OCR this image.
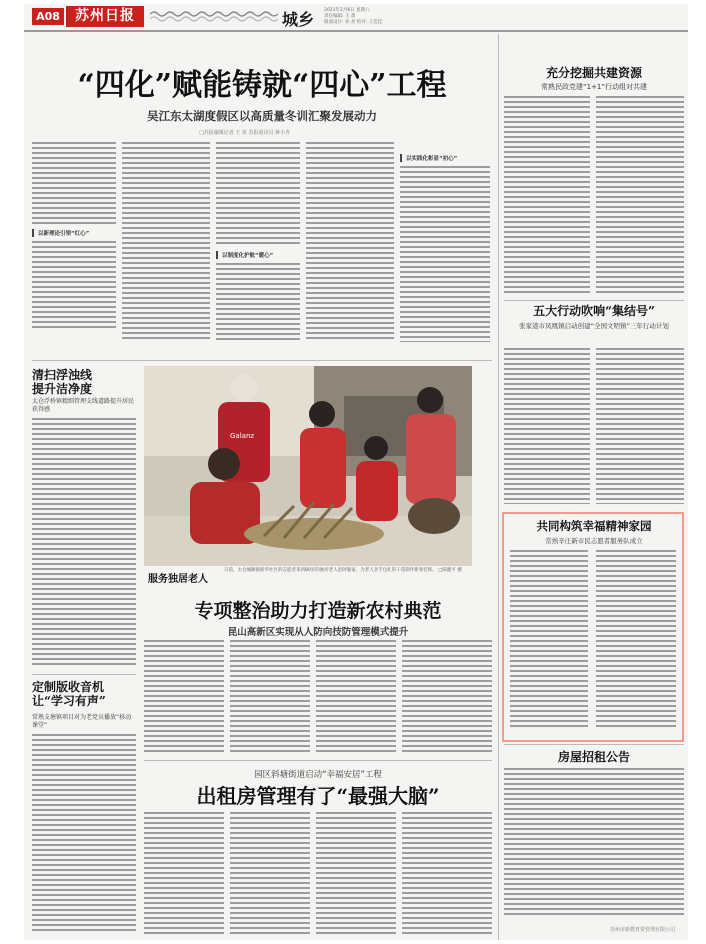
A08	苏州日报	城乡 2021年2月6日 星期六
责任编辑: 王 蔷
版面设计: 孙 亮 校对: 王佳佳
“四化”赋能铸就“四心”工程
吴江东太湖度假区以高质量冬训汇聚发展动力
□苏报融媒记者 王 寅 苏报通讯员 蒋小青
以新理论引领“红心”
以制度化护航“暖心”
以实践化彰显“初心”
清扫浮浊线 提升洁净度
太仓浮桥镇精细管理支线道路提升居民获得感
定制版收音机 让“学习有声”
常熟支塘镇项目对为老党员播放“移动课堂”
Galanz
服务独居老人
日前，太仓城厢镇新华社区的志愿者来到80岁的独居老人赵阿婆家，为老人亲手包扎的干花制作新春装饰。 □陈健平 摄
专项整治助力打造新农村典范
昆山高新区实现从人防向技防管理模式提升
园区斜塘街道启动“幸福安居”工程
出租房管理有了“最强大脑”
充分挖掘共建资源
常熟民政党建“1+1”行动组对共建
五大行动吹响“集结号”
张家港市凤凰镇启动创建“全国文明镇”三年行动计划
共同构筑幸福精神家园
常熟辛庄新市民志愿者服务队成立
房屋招租公告
苏州市新教育资管理有限公司
